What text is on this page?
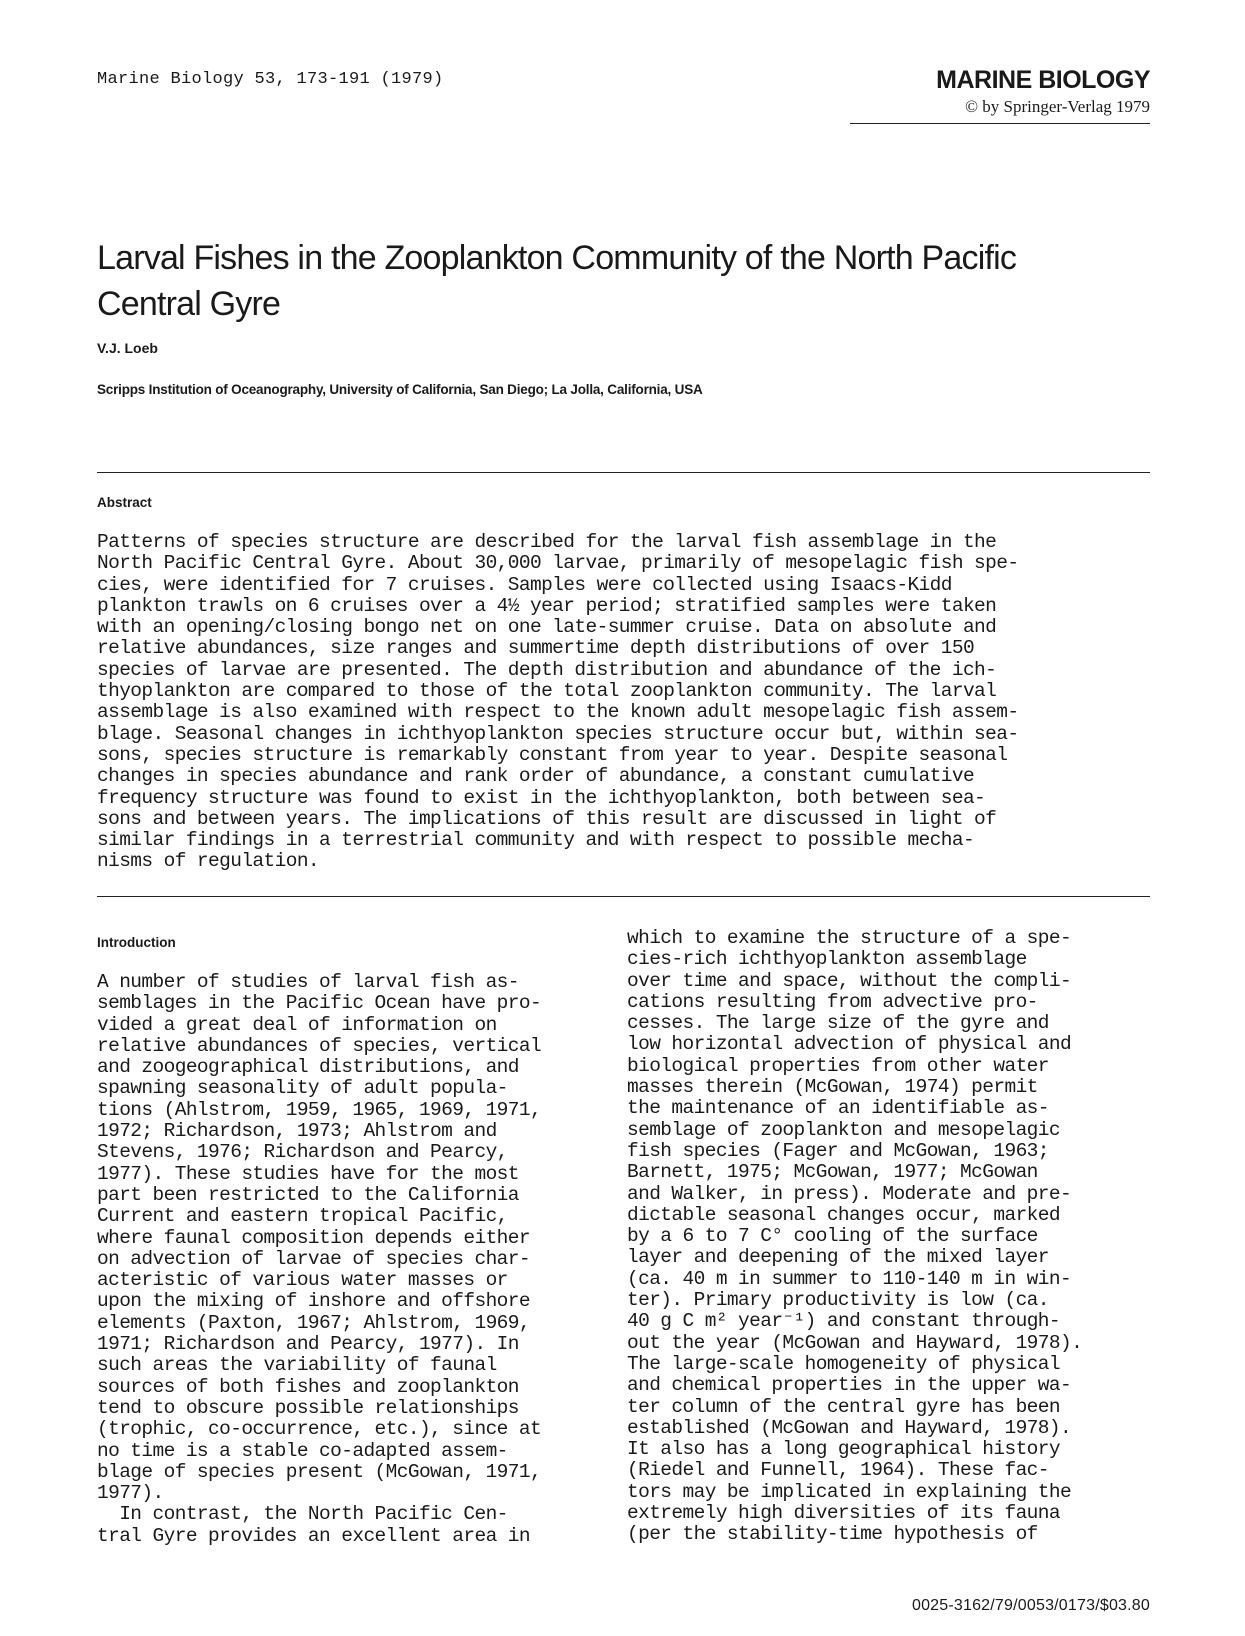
Marine Biology 53, 173-191 (1979)	MARINE BIOLOGY
© by Springer-Verlag 1979
Larval Fishes in the Zooplankton Community of the North Pacific Central Gyre
V.J. Loeb
Scripps Institution of Oceanography, University of California, San Diego; La Jolla, California, USA
Abstract
Patterns of species structure are described for the larval fish assemblage in the
North Pacific Central Gyre. About 30,000 larvae, primarily of mesopelagic fish spe-
cies, were identified for 7 cruises. Samples were collected using Isaacs-Kidd
plankton trawls on 6 cruises over a 4½ year period; stratified samples were taken
with an opening/closing bongo net on one late-summer cruise. Data on absolute and
relative abundances, size ranges and summertime depth distributions of over 150
species of larvae are presented. The depth distribution and abundance of the ich-
thyoplankton are compared to those of the total zooplankton community. The larval
assemblage is also examined with respect to the known adult mesopelagic fish assem-
blage. Seasonal changes in ichthyoplankton species structure occur but, within sea-
sons, species structure is remarkably constant from year to year. Despite seasonal
changes in species abundance and rank order of abundance, a constant cumulative
frequency structure was found to exist in the ichthyoplankton, both between sea-
sons and between years. The implications of this result are discussed in light of
similar findings in a terrestrial community and with respect to possible mecha-
nisms of regulation.
Introduction
A number of studies of larval fish as-
semblages in the Pacific Ocean have pro-
vided a great deal of information on
relative abundances of species, vertical
and zoogeographical distributions, and
spawning seasonality of adult popula-
tions (Ahlstrom, 1959, 1965, 1969, 1971,
1972; Richardson, 1973; Ahlstrom and
Stevens, 1976; Richardson and Pearcy,
1977). These studies have for the most
part been restricted to the California
Current and eastern tropical Pacific,
where faunal composition depends either
on advection of larvae of species char-
acteristic of various water masses or
upon the mixing of inshore and offshore
elements (Paxton, 1967; Ahlstrom, 1969,
1971; Richardson and Pearcy, 1977). In
such areas the variability of faunal
sources of both fishes and zooplankton
tend to obscure possible relationships
(trophic, co-occurrence, etc.), since at
no time is a stable co-adapted assem-
blage of species present (McGowan, 1971,
1977).
In contrast, the North Pacific Cen-
tral Gyre provides an excellent area in
which to examine the structure of a spe-
cies-rich ichthyoplankton assemblage
over time and space, without the compli-
cations resulting from advective pro-
cesses. The large size of the gyre and
low horizontal advection of physical and
biological properties from other water
masses therein (McGowan, 1974) permit
the maintenance of an identifiable as-
semblage of zooplankton and mesopelagic
fish species (Fager and McGowan, 1963;
Barnett, 1975; McGowan, 1977; McGowan
and Walker, in press). Moderate and pre-
dictable seasonal changes occur, marked
by a 6 to 7 C° cooling of the surface
layer and deepening of the mixed layer
(ca. 40 m in summer to 110-140 m in win-
ter). Primary productivity is low (ca.
40 g C m² year⁻¹) and constant through-
out the year (McGowan and Hayward, 1978).
The large-scale homogeneity of physical
and chemical properties in the upper wa-
ter column of the central gyre has been
established (McGowan and Hayward, 1978).
It also has a long geographical history
(Riedel and Funnell, 1964). These fac-
tors may be implicated in explaining the
extremely high diversities of its fauna
(per the stability-time hypothesis of
0025-3162/79/0053/0173/$03.80
